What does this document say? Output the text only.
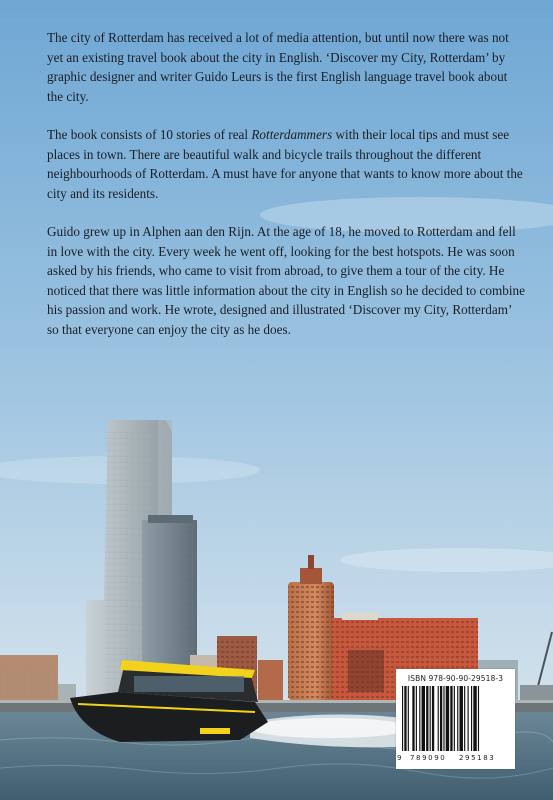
The city of Rotterdam has received a lot of media attention, but until now there was not yet an existing travel book about the city in English. ‘Discover my City, Rotterdam’ by graphic designer and writer Guido Leurs is the first English language travel book about the city.

The book consists of 10 stories of real Rotterdammers with their local tips and must see places in town. There are beautiful walk and bicycle trails throughout the different neighbourhoods of Rotterdam. A must have for anyone that wants to know more about the city and its residents.

Guido grew up in Alphen aan den Rijn. At the age of 18, he moved to Rotterdam and fell in love with the city. Every week he went off, looking for the best hotspots. He was soon asked by his friends, who came to visit from abroad, to give them a tour of the city. He noticed that there was little information about the city in English so he decided to combine his passion and work. He wrote, designed and illustrated ‘Discover my City, Rotterdam’ so that everyone can enjoy the city as he does.

ISBN 978-90-90-29518-3
9 789090 295183
